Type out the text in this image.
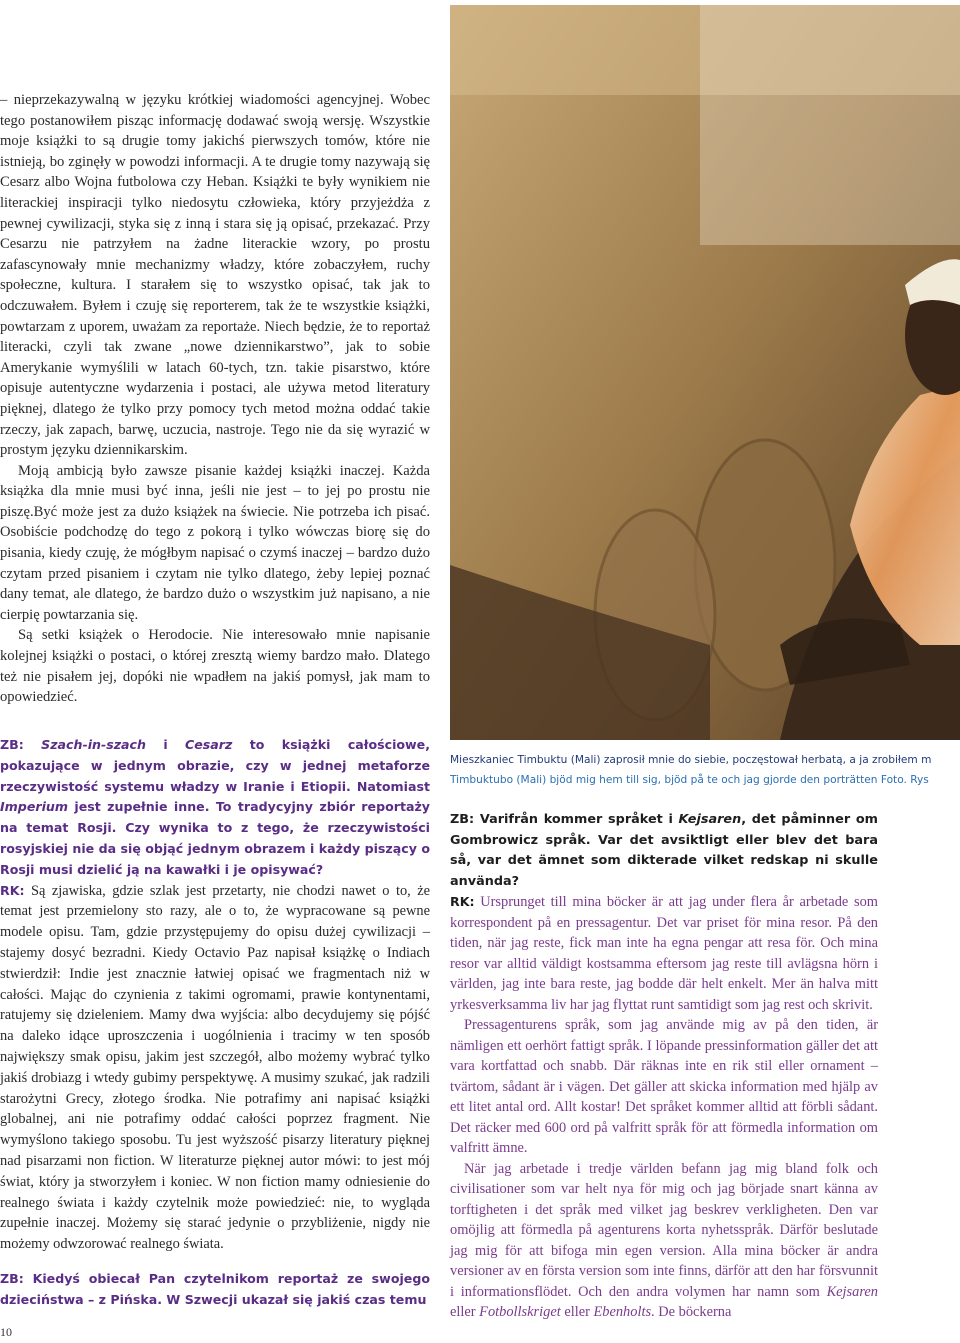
– nieprzekazywalną w języku krótkiej wiadomości agencyjnej. Wobec tego postanowiłem pisząc informację dodawać swoją wersję. Wszystkie moje książki to są drugie tomy jakichś pierwszych tomów, które nie istnieją, bo zginęły w powodzi informacji. A te drugie tomy nazywają się Cesarz albo Wojna futbolowa czy Heban. Książki te były wynikiem nie literackiej inspiracji tylko niedosytu człowieka, który przyjeżdża z pewnej cywilizacji, styka się z inną i stara się ją opisać, przekazać. Przy Cesarzu nie patrzyłem na żadne literackie wzory, po prostu zafascynowały mnie mechanizmy władzy, które zobaczyłem, ruchy społeczne, kultura. I starałem się to wszystko opisać, tak jak to odczuwałem. Byłem i czuję się reporterem, tak że te wszystkie książki, powtarzam z uporem, uważam za reportaże. Niech będzie, że to reportaż literacki, czyli tak zwane „nowe dziennikarstwo”, jak to sobie Amerykanie wymyślili w latach 60-tych, tzn. takie pisarstwo, które opisuje autentyczne wydarzenia i postaci, ale używa metod literatury pięknej, dlatego że tylko przy pomocy tych metod można oddać takie rzeczy, jak zapach, barwę, uczucia, nastroje. Tego nie da się wyrazić w prostym języku dziennikarskim.

Moją ambicją było zawsze pisanie każdej książki inaczej. Każda książka dla mnie musi być inna, jeśli nie jest – to jej po prostu nie piszę.Być może jest za dużo książek na świecie. Nie potrzeba ich pisać. Osobiście podchodzę do tego z pokorą i tylko wówczas biorę się do pisania, kiedy czuję, że mógłbym napisać o czymś inaczej – bardzo dużo czytam przed pisaniem i czytam nie tylko dlatego, żeby lepiej poznać dany temat, ale dlatego, że bardzo dużo o wszystkim już napisano, a nie cierpię powtarzania się.

Są setki książek o Herodocie. Nie interesowało mnie napisanie kolejnej książki o postaci, o której zresztą wiemy bardzo mało. Dlatego też nie pisałem jej, dopóki nie wpadłem na jakiś pomysł, jak mam to opowiedzieć.

ZB: Szach-in-szach i Cesarz to książki całościowe, pokazujące w jednym obrazie, czy w jednej metaforze rzeczywistość systemu władzy w Iranie i Etiopii. Natomiast Imperium jest zupełnie inne. To tradycyjny zbiór reportaży na temat Rosji. Czy wynika to z tego, że rzeczywistości rosyjskiej nie da się objąć jednym obrazem i każdy piszący o Rosji musi dzielić ją na kawałki i je opisywać?
RK: Są zjawiska, gdzie szlak jest przetarty, nie chodzi nawet o to, że temat jest przemielony sto razy, ale o to, że wypracowane są pewne modele opisu. Tam, gdzie przystępujemy do opisu dużej cywilizacji – stajemy dosyć bezradni. Kiedy Octavio Paz napisał książkę o Indiach stwierdził: Indie jest znacznie łatwiej opisać we fragmentach niż w całości. Mając do czynienia z takimi ogromami, prawie kontynentami, ratujemy się dzieleniem. Mamy dwa wyjścia: albo decydujemy się pójść na daleko idące uproszczenia i uogólnienia i tracimy w ten sposób największy smak opisu, jakim jest szczegół, albo możemy wybrać tylko jakiś drobiazg i wtedy gubimy perspektywę. A musimy szukać, jak radzili starożytni Grecy, złotego środka. Nie potrafimy ani napisać książki globalnej, ani nie potrafimy oddać całości poprzez fragment. Nie wymyślono takiego sposobu. Tu jest wyższość pisarzy literatury pięknej nad pisarzami non fiction. W literaturze pięknej autor mówi: to jest mój świat, który ja stworzyłem i koniec. W non fiction mamy odniesienie do realnego świata i każdy czytelnik może powiedzieć: nie, to wygląda zupełnie inaczej. Możemy się starać jedynie o przybliżenie, nigdy nie możemy odwzorować realnego świata.
ZB: Kiedyś obiecał Pan czytelnikom reportaż ze swojego dzieciństwa – z Pińska. W Szwecji ukazał się jakiś czas temu
Mieszkaniec Timbuktu (Mali) zaprosił mnie do siebie, poczęstował herbatą, a ja zrobiłem m
Timbuktubo (Mali) bjöd mig hem till sig, bjöd på te och jag gjorde den porträtten Foto. Rys
ZB: Varifrån kommer språket i Kejsaren, det påminner om Gombrowicz språk. Var det avsiktligt eller blev det bara så, var det ämnet som dikterade vilket redskap ni skulle använda?
RK: Ursprunget till mina böcker är att jag under flera år arbetade som korrespondent på en pressagentur. Det var priset för mina resor. På den tiden, när jag reste, fick man inte ha egna pengar att resa för. Och mina resor var alltid väldigt kostsamma eftersom jag reste till avlägsna hörn i världen, jag inte bara reste, jag bodde där helt enkelt. Mer än halva mitt yrkesverksamma liv har jag flyttat runt samtidigt som jag rest och skrivit.

Pressagenturens språk, som jag använde mig av på den tiden, är nämligen ett oerhört fattigt språk. I löpande pressinformation gäller det att vara kortfattad och snabb. Där räknas inte en rik stil eller ornament – tvärtom, sådant är i vägen. Det gäller att skicka information med hjälp av ett litet antal ord. Allt kostar! Det språket kommer alltid att förbli sådant. Det räcker med 600 ord på valfritt språk för att förmedla information om valfritt ämne.

När jag arbetade i tredje världen befann jag mig bland folk och civilisationer som var helt nya för mig och jag började snart känna av torftigheten i det språk med vilket jag beskrev verkligheten. Den var omöjlig att förmedla på agenturens korta nyhetsspråk. Därför beslutade jag mig för att bifoga min egen version. Alla mina böcker är andra versioner av en första version som inte finns, därför att den har försvunnit i informationsflödet. Och den andra volymen har namn som Kejsaren eller Fotbollskriget eller Ebenholts. De böckerna

10
